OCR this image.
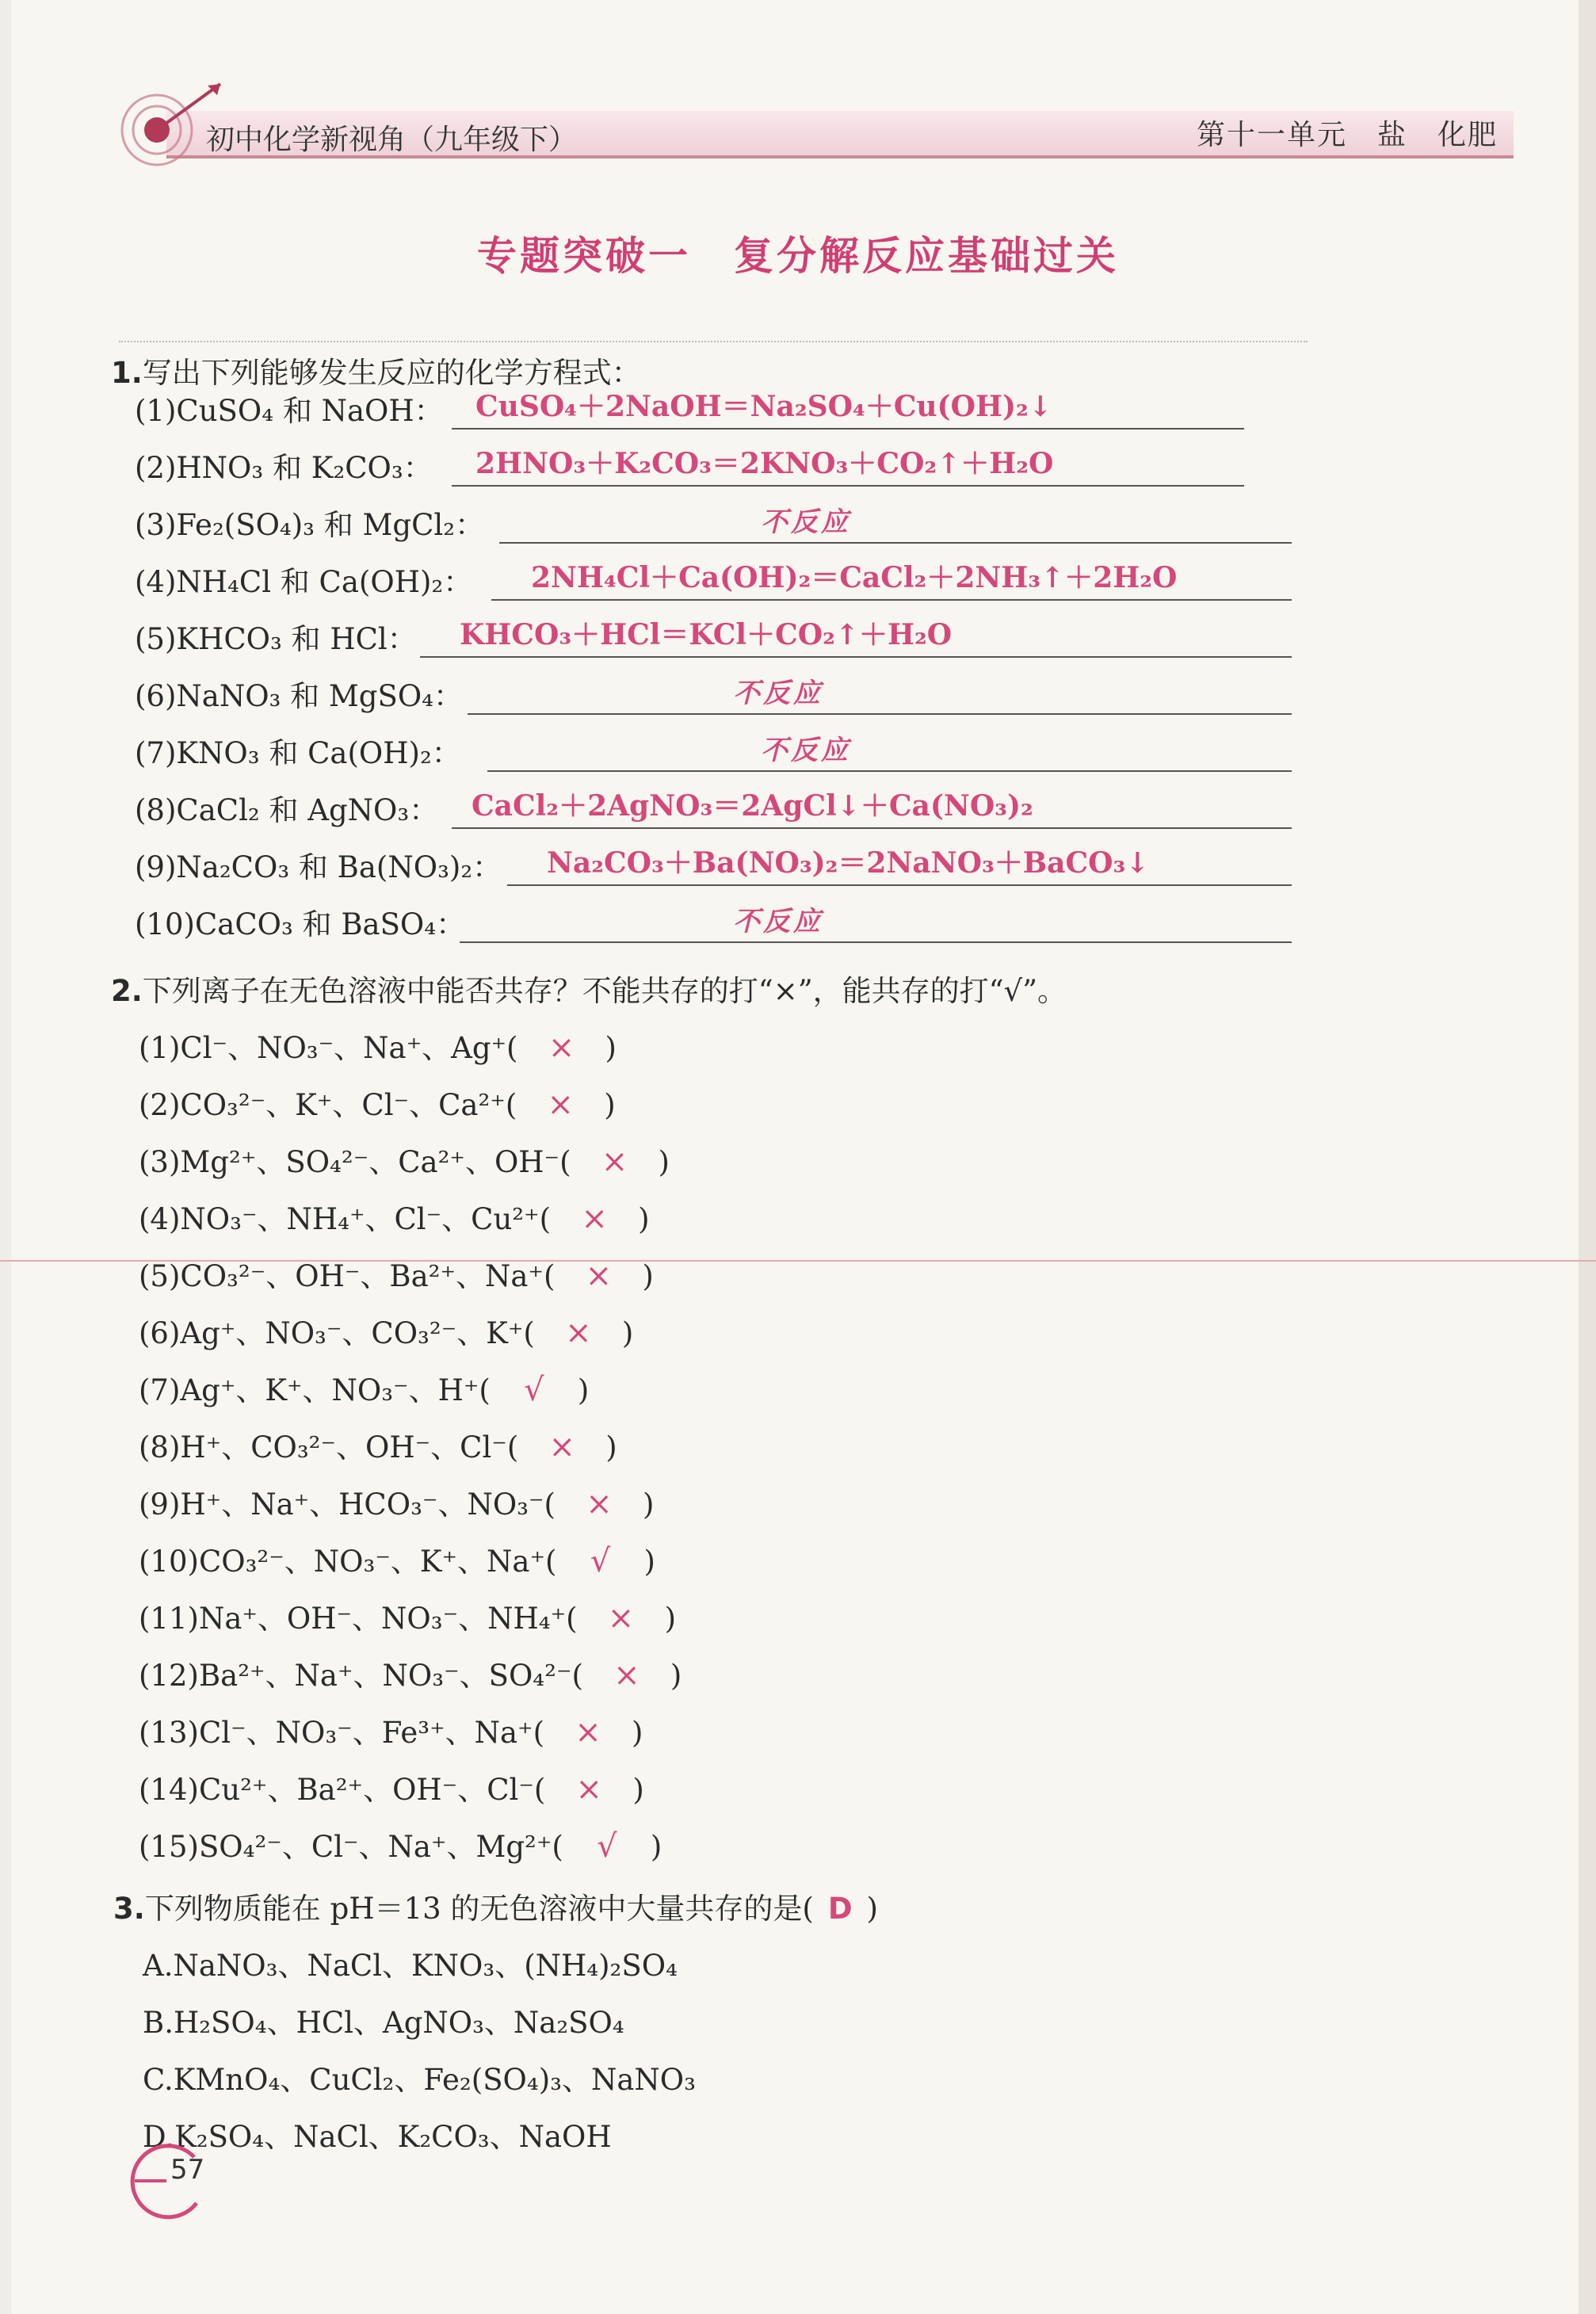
初中化学新视角（九年级下）	第十一单元　盐　化肥
专题突破一　复分解反应基础过关
1.写出下列能够发生反应的化学方程式：
(1)CuSO₄ 和 NaOH： CuSO₄＋2NaOH＝Na₂SO₄＋Cu(OH)₂↓
(2)HNO₃ 和 K₂CO₃： 2HNO₃＋K₂CO₃＝2KNO₃＋CO₂↑＋H₂O
(3)Fe₂(SO₄)₃ 和 MgCl₂：	不反应
(4)NH₄Cl 和 Ca(OH)₂： 2NH₄Cl＋Ca(OH)₂＝CaCl₂＋2NH₃↑＋2H₂O
(5)KHCO₃ 和 HCl： KHCO₃＋HCl＝KCl＋CO₂↑＋H₂O
(6)NaNO₃ 和 MgSO₄：	不反应
(7)KNO₃ 和 Ca(OH)₂：	不反应
(8)CaCl₂ 和 AgNO₃： CaCl₂＋2AgNO₃＝2AgCl↓＋Ca(NO₃)₂
(9)Na₂CO₃ 和 Ba(NO₃)₂： Na₂CO₃＋Ba(NO₃)₂＝2NaNO₃＋BaCO₃↓
(10)CaCO₃ 和 BaSO₄：	不反应
2.下列离子在无色溶液中能否共存？不能共存的打“×”，能共存的打“√”。
(1)Cl⁻、NO₃⁻、Na⁺、Ag⁺( × )
(2)CO₃²⁻、K⁺、Cl⁻、Ca²⁺( × )
(3)Mg²⁺、SO₄²⁻、Ca²⁺、OH⁻( × )
(4)NO₃⁻、NH₄⁺、Cl⁻、Cu²⁺( × )
(5)CO₃²⁻、OH⁻、Ba²⁺、Na⁺( × )
(6)Ag⁺、NO₃⁻、CO₃²⁻、K⁺( × )
(7)Ag⁺、K⁺、NO₃⁻、H⁺( √ )
(8)H⁺、CO₃²⁻、OH⁻、Cl⁻( × )
(9)H⁺、Na⁺、HCO₃⁻、NO₃⁻( × )
(10)CO₃²⁻、NO₃⁻、K⁺、Na⁺( √ )
(11)Na⁺、OH⁻、NO₃⁻、NH₄⁺( × )
(12)Ba²⁺、Na⁺、NO₃⁻、SO₄²⁻( × )
(13)Cl⁻、NO₃⁻、Fe³⁺、Na⁺( × )
(14)Cu²⁺、Ba²⁺、OH⁻、Cl⁻( × )
(15)SO₄²⁻、Cl⁻、Na⁺、Mg²⁺( √ )
3.下列物质能在 pH＝13 的无色溶液中大量共存的是( D )
A.NaNO₃、NaCl、KNO₃、(NH₄)₂SO₄
B.H₂SO₄、HCl、AgNO₃、Na₂SO₄
C.KMnO₄、CuCl₂、Fe₂(SO₄)₃、NaNO₃
D.K₂SO₄、NaCl、K₂CO₃、NaOH
57
